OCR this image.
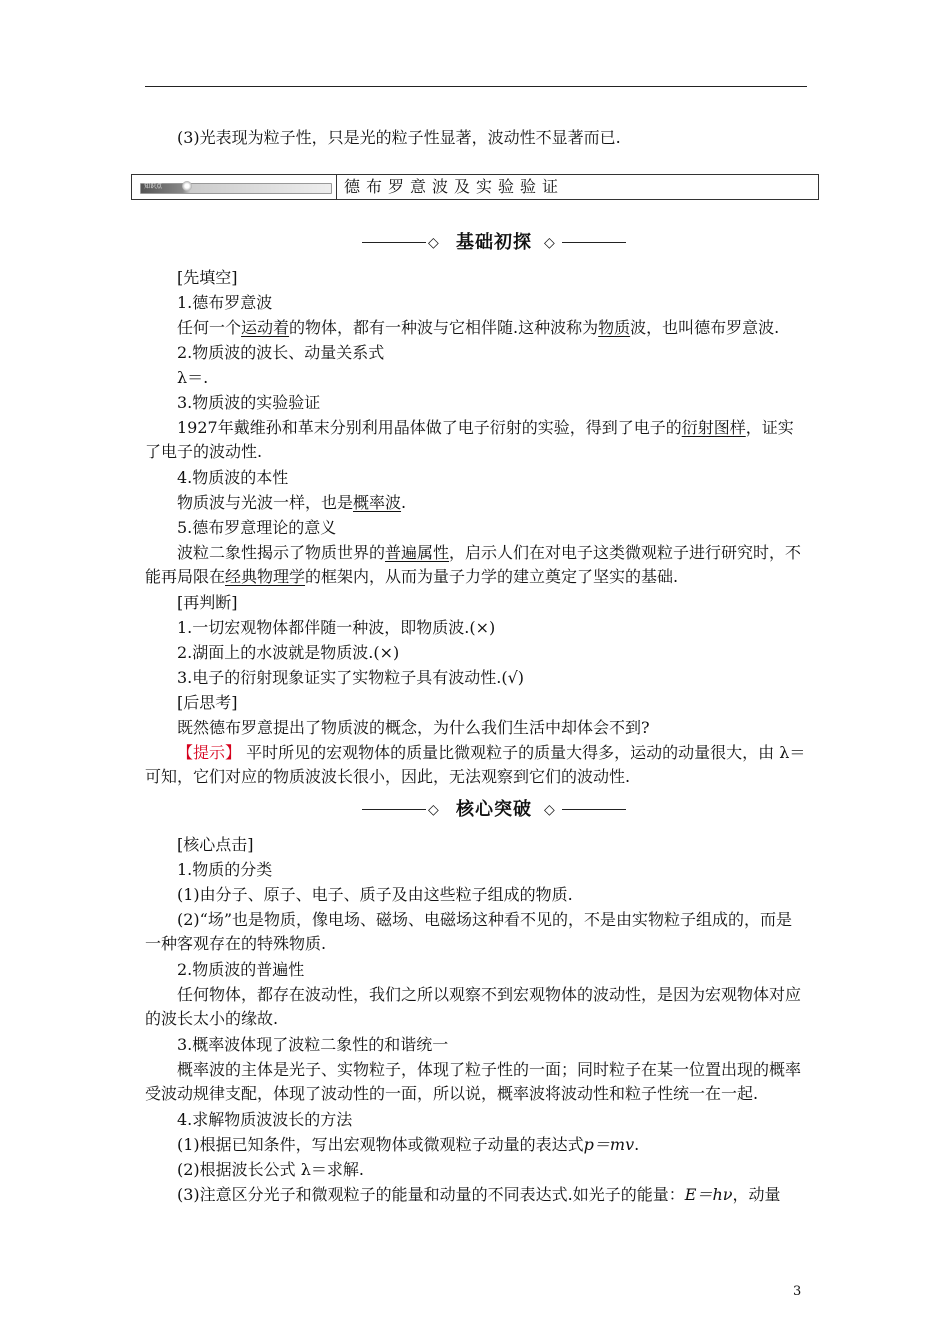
(3)光表现为粒子性，只是光的粒子性显著，波动性不显著而已.

知识点	德布罗意波及实验验证
◇ 基础初探 ◇
[先填空]
1.德布罗意波
任何一个运动着的物体，都有一种波与它相伴随.这种波称为物质波，也叫德布罗意波.
2.物质波的波长、动量关系式
λ＝.
3.物质波的实验验证

1927年戴维孙和革末分别利用晶体做了电子衍射的实验，得到了电子的衍射图样，证实了电子的波动性.

4.物质波的本性
物质波与光波一样，也是概率波.
5.德布罗意理论的意义

波粒二象性揭示了物质世界的普遍属性，启示人们在对电子这类微观粒子进行研究时，不能再局限在经典物理学的框架内，从而为量子力学的建立奠定了坚实的基础.

[再判断]
1.一切宏观物体都伴随一种波，即物质波.(×)
2.湖面上的水波就是物质波.(×)
3.电子的衍射现象证实了实物粒子具有波动性.(√)
[后思考]
既然德布罗意提出了物质波的概念，为什么我们生活中却体会不到?

【提示】 平时所见的宏观物体的质量比微观粒子的质量大得多，运动的动量很大，由 λ＝可知，它们对应的物质波波长很小，因此，无法观察到它们的波动性.

◇ 核心突破 ◇
[核心点击]
1.物质的分类
(1)由分子、原子、电子、质子及由这些粒子组成的物质.

(2)“场”也是物质，像电场、磁场、电磁场这种看不见的，不是由实物粒子组成的，而是一种客观存在的特殊物质.

2.物质波的普遍性

任何物体，都存在波动性，我们之所以观察不到宏观物体的波动性，是因为宏观物体对应的波长太小的缘故.

3.概率波体现了波粒二象性的和谐统一

概率波的主体是光子、实物粒子，体现了粒子性的一面；同时粒子在某一位置出现的概率受波动规律支配，体现了波动性的一面，所以说，概率波将波动性和粒子性统一在一起.

4.求解物质波波长的方法
(1)根据已知条件，写出宏观物体或微观粒子动量的表达式p＝mv.
(2)根据波长公式 λ＝求解.
(3)注意区分光子和微观粒子的能量和动量的不同表达式.如光子的能量：E＝hν，动量
3
